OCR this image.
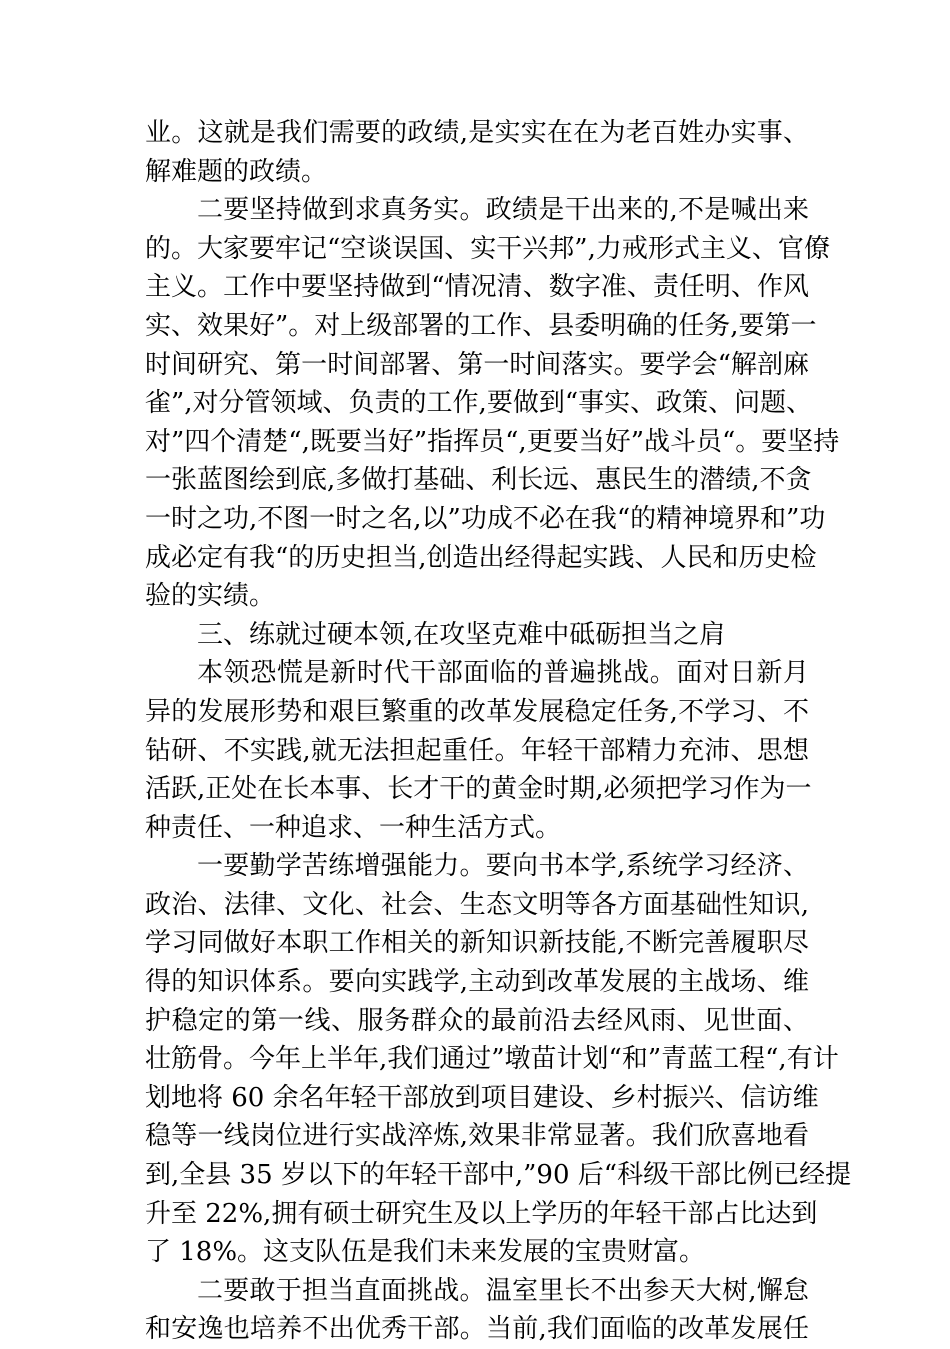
业。这就是我们需要的政绩,是实实在在为老百姓办实事、
解难题的政绩。
二要坚持做到求真务实。政绩是干出来的,不是喊出来
的。大家要牢记“空谈误国、实干兴邦”,力戒形式主义、官僚
主义。工作中要坚持做到“情况清、数字准、责任明、作风
实、效果好”。对上级部署的工作、县委明确的任务,要第一
时间研究、第一时间部署、第一时间落实。要学会“解剖麻
雀”,对分管领域、负责的工作,要做到“事实、政策、问题、
对”四个清楚“,既要当好”指挥员“,更要当好”战斗员“。要坚持
一张蓝图绘到底,多做打基础、利长远、惠民生的潜绩,不贪
一时之功,不图一时之名,以”功成不必在我“的精神境界和”功
成必定有我“的历史担当,创造出经得起实践、人民和历史检
验的实绩。
三、练就过硬本领,在攻坚克难中砥砺担当之肩
本领恐慌是新时代干部面临的普遍挑战。面对日新月
异的发展形势和艰巨繁重的改革发展稳定任务,不学习、不
钻研、不实践,就无法担起重任。年轻干部精力充沛、思想
活跃,正处在长本事、长才干的黄金时期,必须把学习作为一
种责任、一种追求、一种生活方式。
一要勤学苦练增强能力。要向书本学,系统学习经济、
政治、法律、文化、社会、生态文明等各方面基础性知识,
学习同做好本职工作相关的新知识新技能,不断完善履职尽
得的知识体系。要向实践学,主动到改革发展的主战场、维
护稳定的第一线、服务群众的最前沿去经风雨、见世面、
壮筋骨。今年上半年,我们通过”墩苗计划“和”青蓝工程“,有计
划地将 60 余名年轻干部放到项目建设、乡村振兴、信访维
稳等一线岗位进行实战淬炼,效果非常显著。我们欣喜地看
到,全县 35 岁以下的年轻干部中,”90 后“科级干部比例已经提
升至 22%,拥有硕士研究生及以上学历的年轻干部占比达到
了 18%。这支队伍是我们未来发展的宝贵财富。
二要敢于担当直面挑战。温室里长不出参天大树,懈怠
和安逸也培养不出优秀干部。当前,我们面临的改革发展任
